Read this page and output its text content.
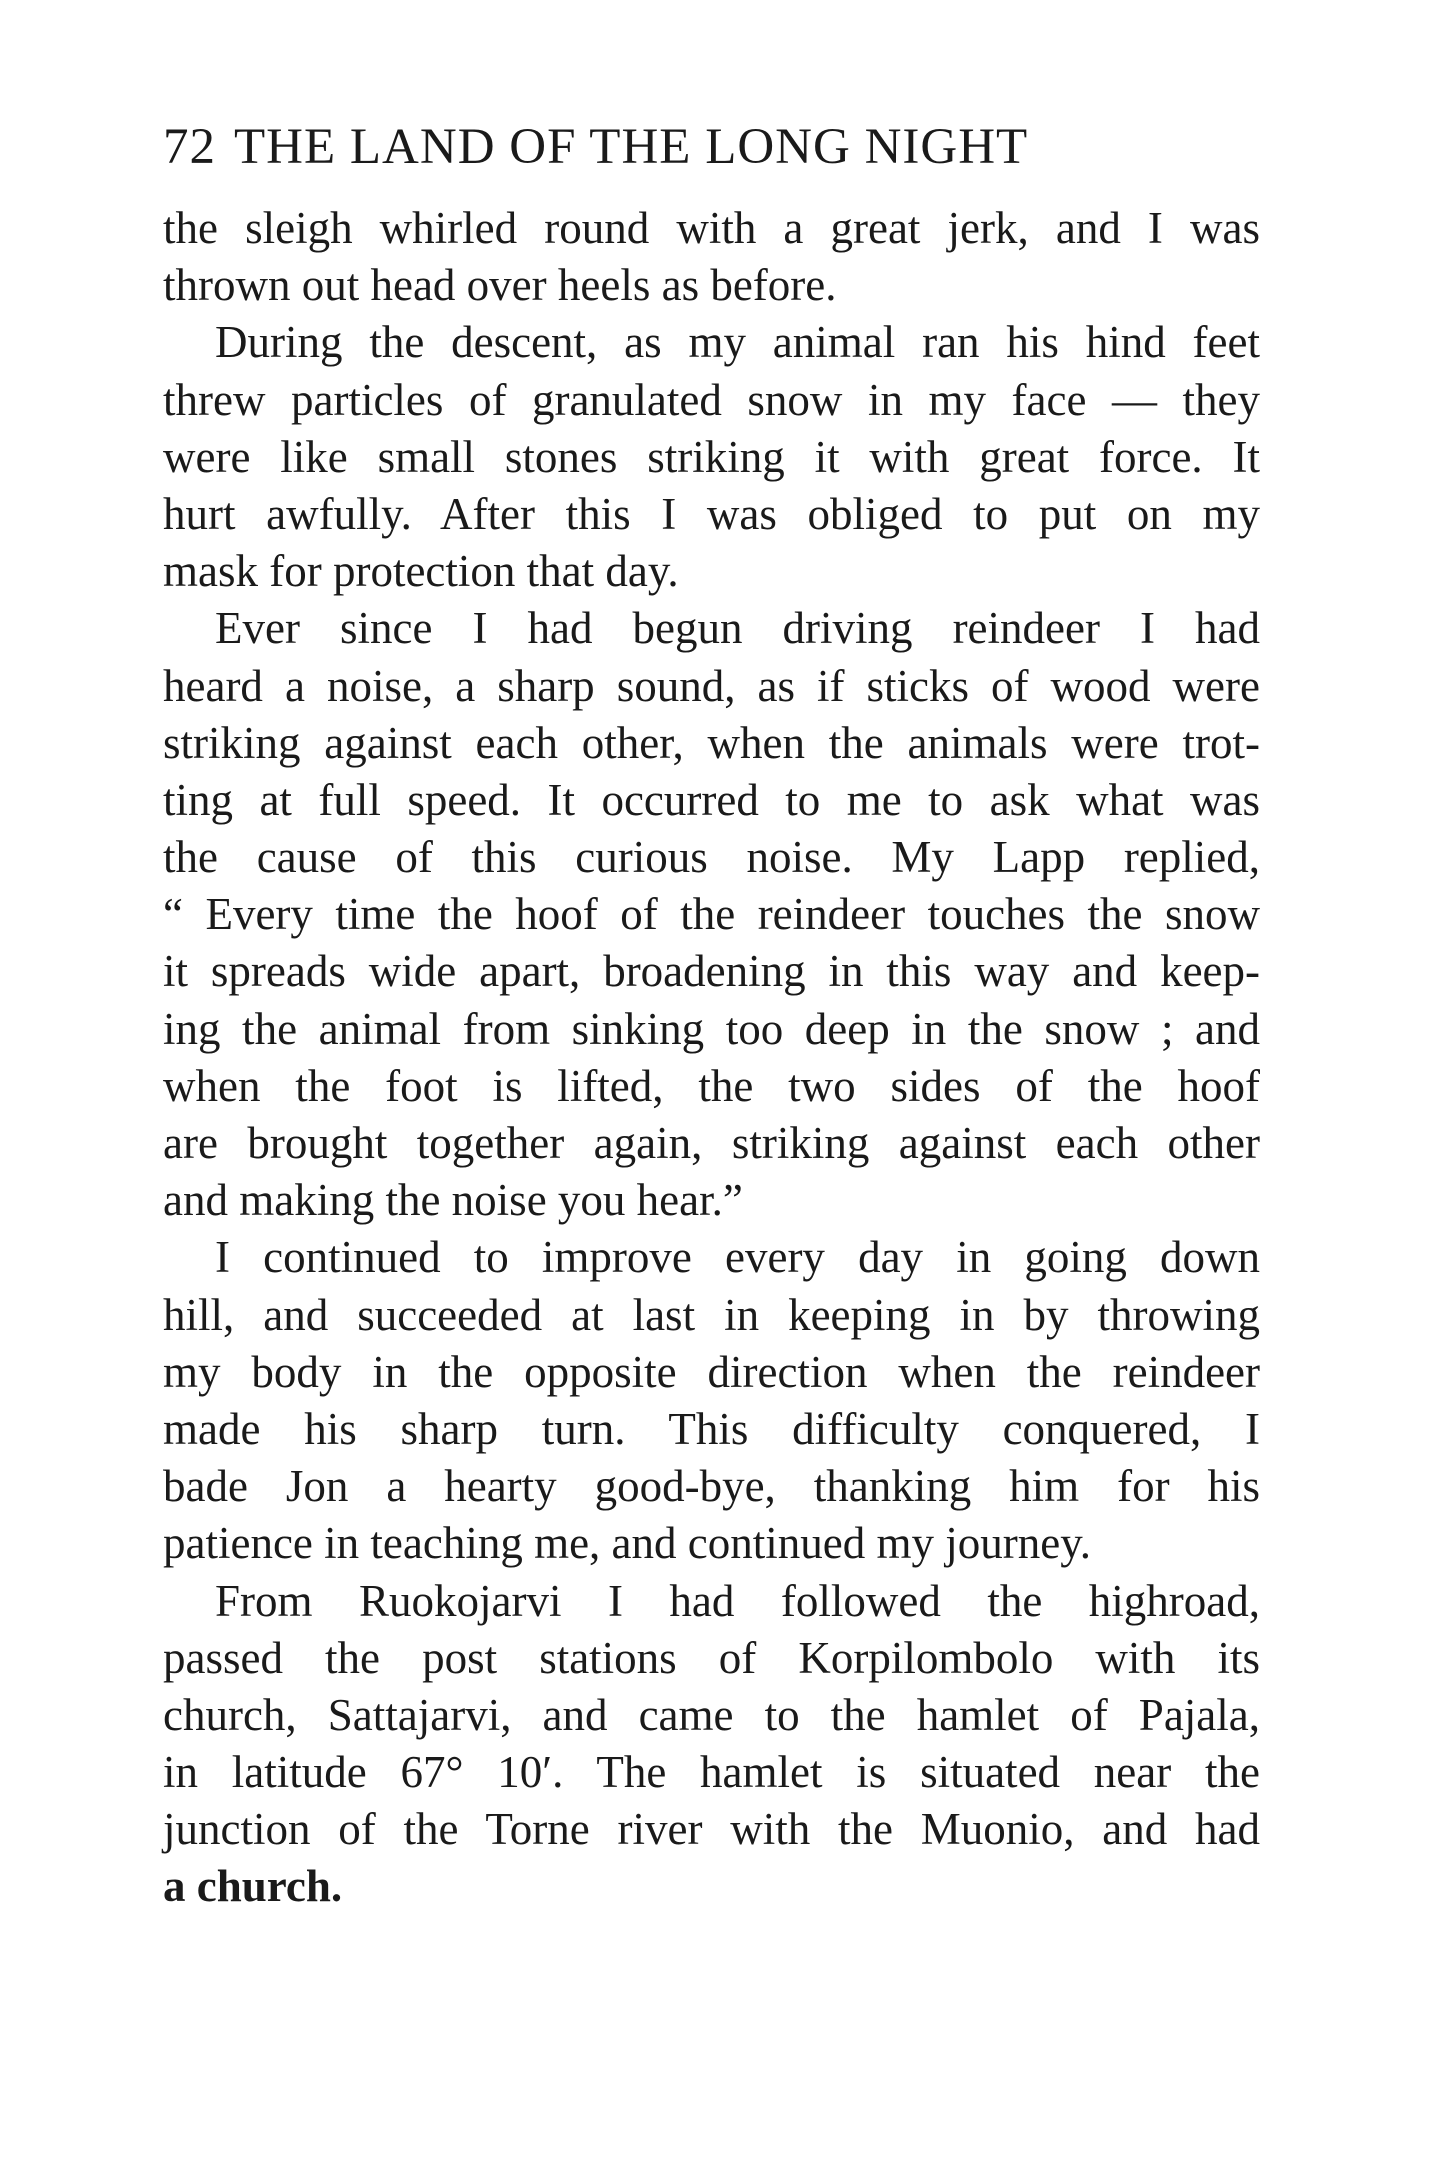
72 THE LAND OF THE LONG NIGHT
the sleigh whirled round with a great jerk, and I was
thrown out head over heels as before.
During the descent, as my animal ran his hind feet
threw particles of granulated snow in my face — they
were like small stones striking it with great force. It
hurt awfully. After this I was obliged to put on my
mask for protection that day.
Ever since I had begun driving reindeer I had
heard a noise, a sharp sound, as if sticks of wood were
striking against each other, when the animals were trot-
ting at full speed. It occurred to me to ask what was
the cause of this curious noise. My Lapp replied,
“ Every time the hoof of the reindeer touches the snow
it spreads wide apart, broadening in this way and keep-
ing the animal from sinking too deep in the snow ; and
when the foot is lifted, the two sides of the hoof
are brought together again, striking against each other
and making the noise you hear.”
I continued to improve every day in going down
hill, and succeeded at last in keeping in by throwing
my body in the opposite direction when the reindeer
made his sharp turn. This difficulty conquered, I
bade Jon a hearty good-bye, thanking him for his
patience in teaching me, and continued my journey.
From Ruokojarvi I had followed the highroad,
passed the post stations of Korpilombolo with its
church, Sattajarvi, and came to the hamlet of Pajala,
in latitude 67° 10′. The hamlet is situated near the
junction of the Torne river with the Muonio, and had
a church.
